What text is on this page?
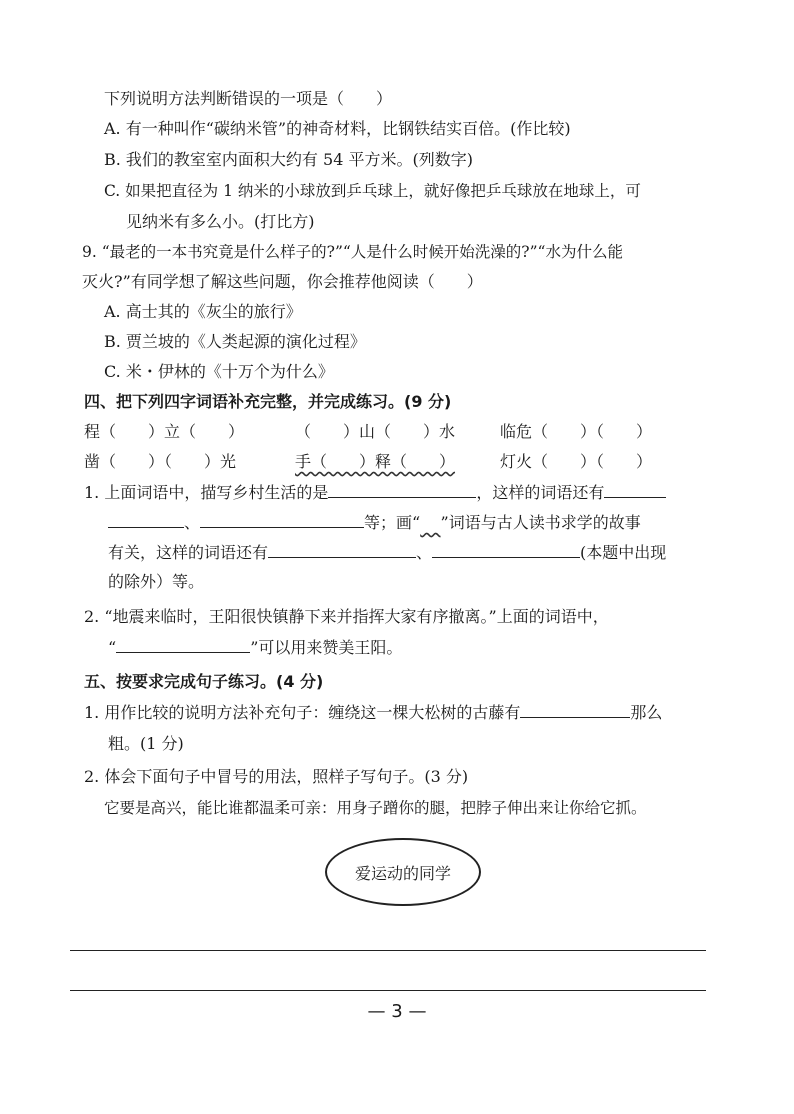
下列说明方法判断错误的一项是（　　）
A. 有一种叫作“碳纳米管”的神奇材料，比钢铁结实百倍。(作比较)
B. 我们的教室室内面积大约有 54 平方米。(列数字)
C. 如果把直径为 1 纳米的小球放到乒乓球上，就好像把乒乓球放在地球上，可
见纳米有多么小。(打比方)
9. “最老的一本书究竟是什么样子的?”“人是什么时候开始洗澡的?”“水为什么能
灭火?”有同学想了解这些问题，你会推荐他阅读（　　）
A. 高士其的《灰尘的旅行》
B. 贾兰坡的《人类起源的演化过程》
C. 米・伊林的《十万个为什么》
四、把下列四字词语补充完整，并完成练习。(9 分)
程（　　）立（　　）	（　　）山（　　）水	临危（　　）（　　）
凿（　　）（　　）光	手（　　）释（　　）	灯火（　　）（　　）
1. 上面词语中，描写乡村生活的是	，这样的词语还有
、	等；画“ ”词语与古人读书求学的故事
有关，这样的词语还有	、	(本题中出现
的除外）等。
2. “地震来临时，王阳很快镇静下来并指挥大家有序撤离。”上面的词语中，
“	”可以用来赞美王阳。
五、按要求完成句子练习。(4 分)
1. 用作比较的说明方法补充句子：缠绕这一棵大松树的古藤有	那么
粗。(1 分)
2. 体会下面句子中冒号的用法，照样子写句子。(3 分)
它要是高兴，能比谁都温柔可亲：用身子蹭你的腿，把脖子伸出来让你给它抓。
爱运动的同学
— 3 —
